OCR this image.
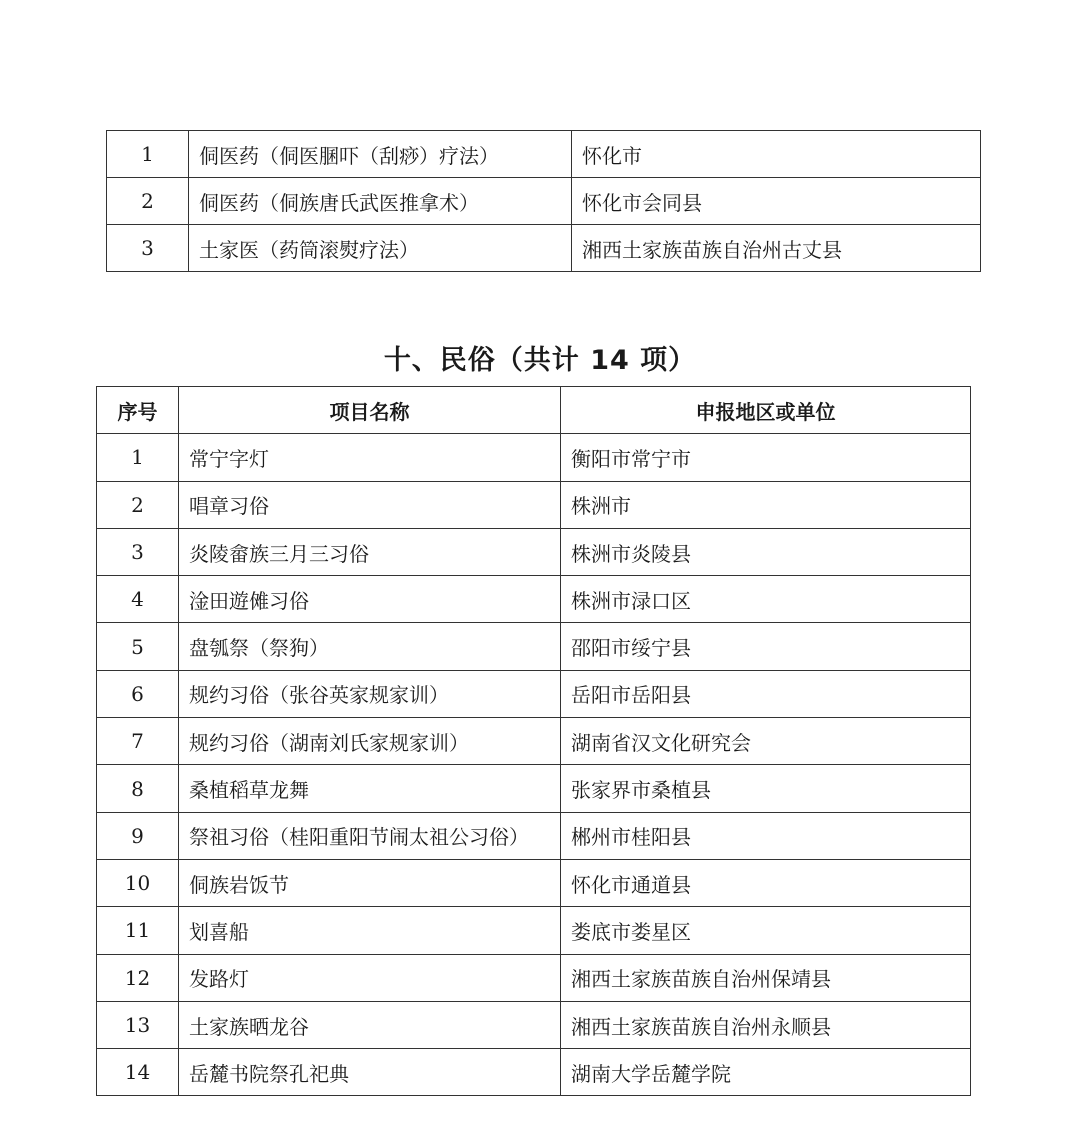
1	侗医药（侗医䐃吓（刮痧）疗法）	怀化市
2	侗医药（侗族唐氏武医推拿术）	怀化市会同县
3	土家医（药筒滚熨疗法）	湘西土家族苗族自治州古丈县
十、民俗（共计 14 项）
序号	项目名称	申报地区或单位
1	常宁字灯	衡阳市常宁市
2	唱章习俗	株洲市
3	炎陵畲族三月三习俗	株洲市炎陵县
4	淦田遊傩习俗	株洲市渌口区
5	盘瓠祭（祭狗）	邵阳市绥宁县
6	规约习俗（张谷英家规家训）	岳阳市岳阳县
7	规约习俗（湖南刘氏家规家训）	湖南省汉文化研究会
8	桑植稻草龙舞	张家界市桑植县
9	祭祖习俗（桂阳重阳节闹太祖公习俗）	郴州市桂阳县
10	侗族岩饭节	怀化市通道县
11	划喜船	娄底市娄星区
12	发路灯	湘西土家族苗族自治州保靖县
13	土家族晒龙谷	湘西土家族苗族自治州永顺县
14	岳麓书院祭孔祀典	湖南大学岳麓学院
